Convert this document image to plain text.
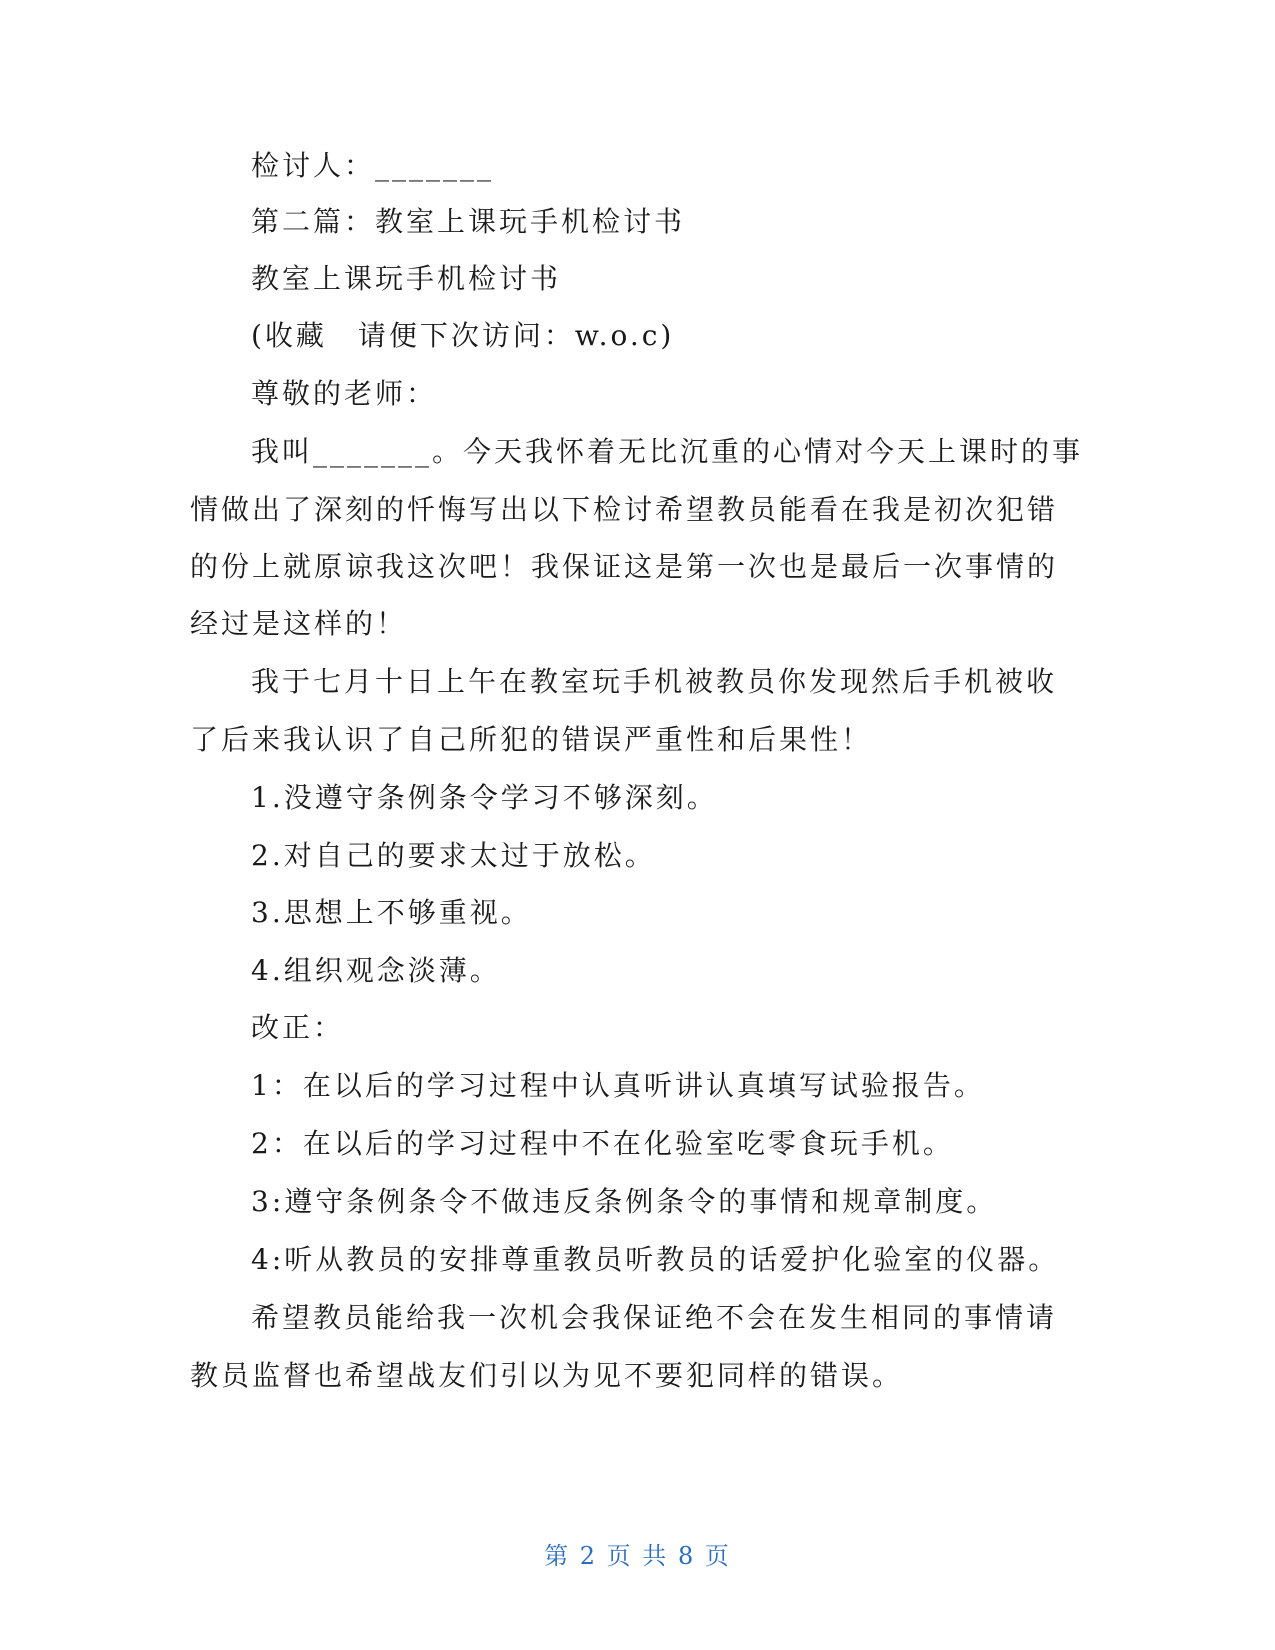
检讨人：_______
第二篇：教室上课玩手机检讨书
教室上课玩手机检讨书
(收藏　请便下次访问：w.o.c)
尊敬的老师：
我叫_______。今天我怀着无比沉重的心情对今天上课时的事
情做出了深刻的忏悔写出以下检讨希望教员能看在我是初次犯错
的份上就原谅我这次吧！我保证这是第一次也是最后一次事情的
经过是这样的！
我于七月十日上午在教室玩手机被教员你发现然后手机被收
了后来我认识了自己所犯的错误严重性和后果性！
1.没遵守条例条令学习不够深刻。
2.对自己的要求太过于放松。
3.思想上不够重视。
4.组织观念淡薄。
改正：
1：在以后的学习过程中认真听讲认真填写试验报告。
2：在以后的学习过程中不在化验室吃零食玩手机。
3:遵守条例条令不做违反条例条令的事情和规章制度。
4:听从教员的安排尊重教员听教员的话爱护化验室的仪器。
希望教员能给我一次机会我保证绝不会在发生相同的事情请
教员监督也希望战友们引以为见不要犯同样的错误。
第 2 页 共 8 页
